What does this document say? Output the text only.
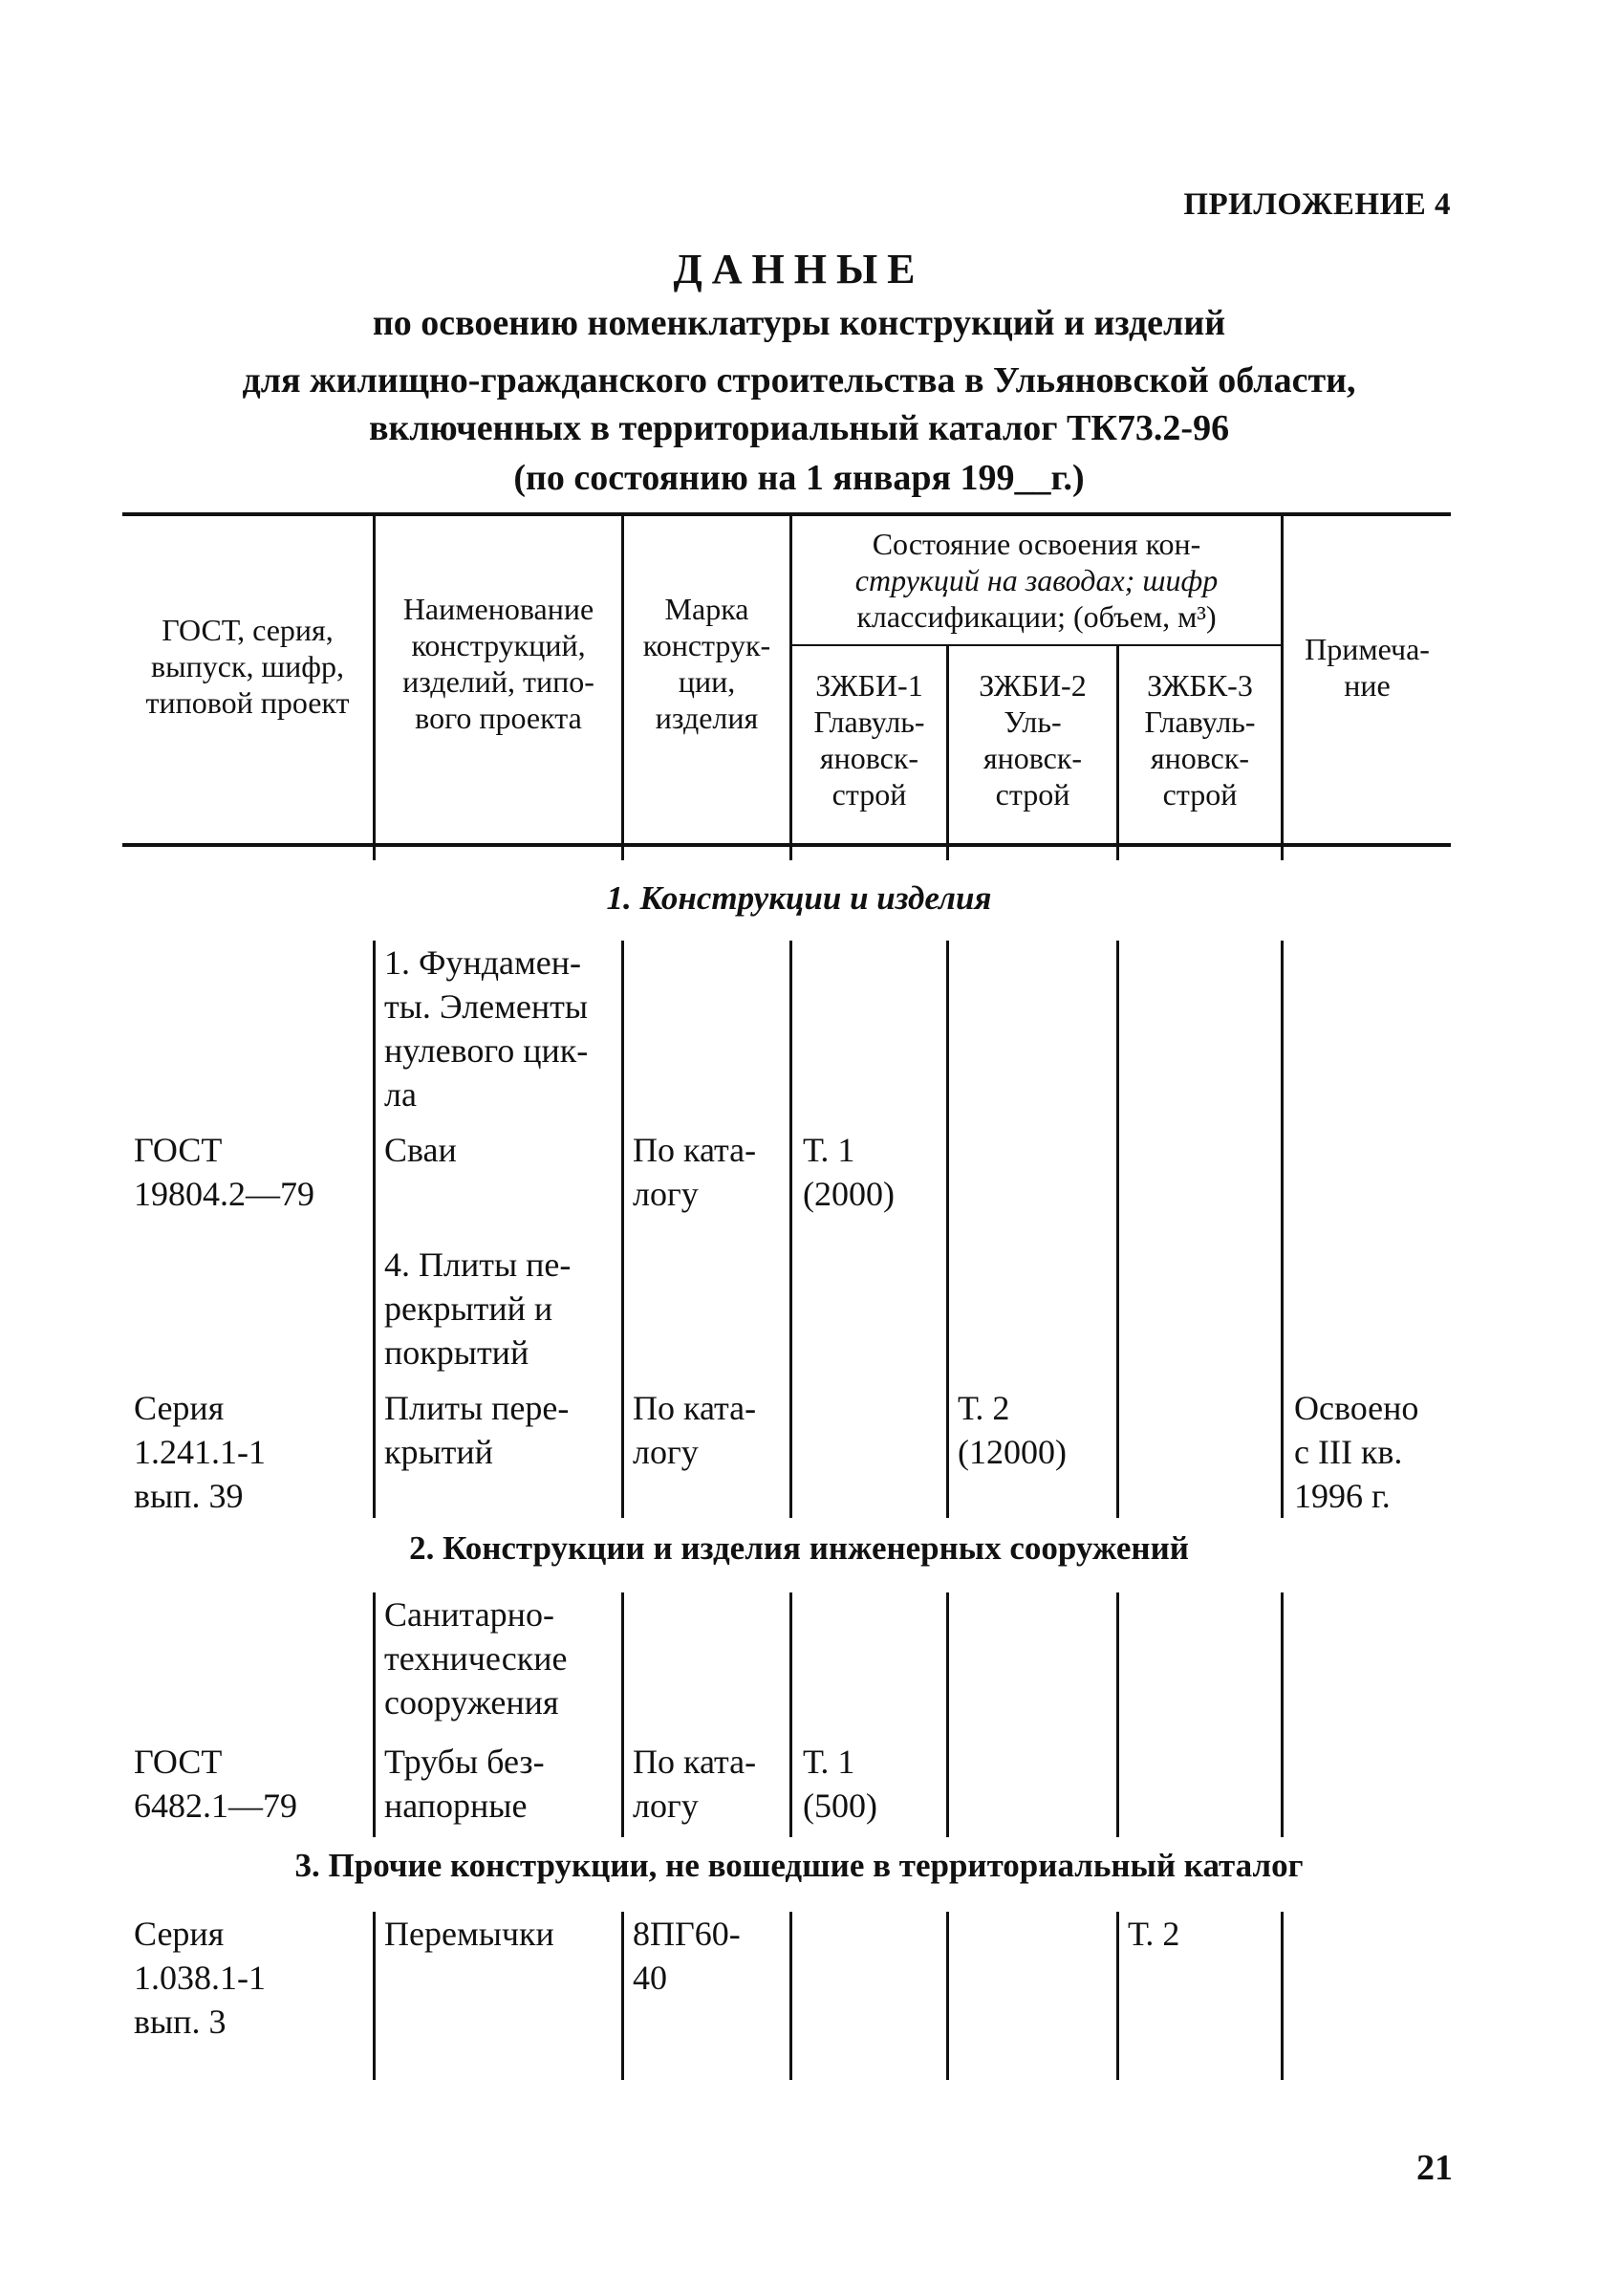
ПРИЛОЖЕНИЕ 4
ДАННЫЕ
по освоению номенклатуры конструкций и изделий
для жилищно-гражданского строительства в Ульяновской области,
включенных в территориальный каталог ТК73.2-96
(по состоянию на 1 января 199__г.)
ГОСТ, серия,
выпуск, шифр,
типовой проект
Наименование
конструкций,
изделий, типо-
вого проекта
Марка
конструк-
ции,
изделия
Состояние освоения кон-
струкций на заводах; шифр
классификации; (объем, м³)
ЗЖБИ-1
Главуль-
яновск-
строй
ЗЖБИ-2
Уль-
яновск-
строй
ЗЖБК-3
Главуль-
яновск-
строй
Примеча-
ние
1. Конструкции и изделия
1. Фундамен-
ты. Элементы
нулевого цик-
ла
ГОСТ
19804.2—79
Сваи	По ката-
логу
Т. 1
(2000)
4. Плиты пе-
рекрытий и
покрытий
Серия
1.241.1-1
вып. 39
Плиты пере-
крытий
По ката-
логу
Т. 2
(12000)
Освоено
с III кв.
1996 г.
2. Конструкции и изделия инженерных сооружений
Санитарно-
технические
сооружения
ГОСТ
6482.1—79
Трубы без-
напорные
По ката-
логу
Т. 1
(500)
3. Прочие конструкции, не вошедшие в территориальный каталог
Серия
1.038.1-1
вып. 3
Перемычки 8ПГ60-
40
Т. 2
21
